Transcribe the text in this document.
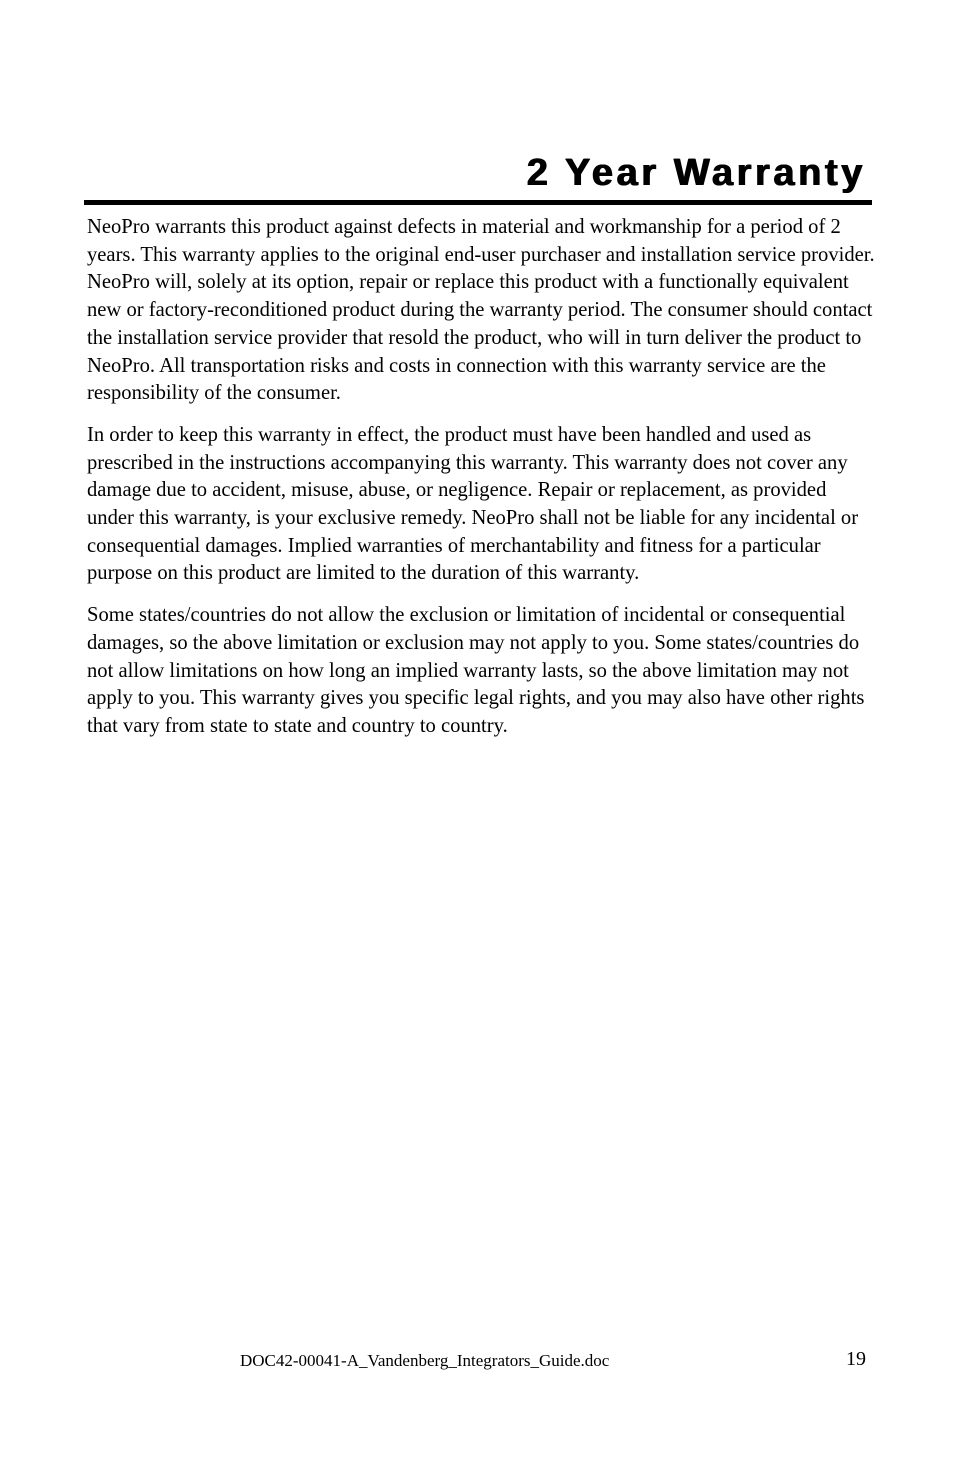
2 Year Warranty

NeoPro warrants this product against defects in material and workmanship for a period of 2 years. This warranty applies to the original end-user purchaser and installation service provider. NeoPro will, solely at its option, repair or replace this product with a functionally equivalent new or factory-reconditioned product during the warranty period. The consumer should contact the installation service provider that resold the product, who will in turn deliver the product to NeoPro. All transportation risks and costs in connection with this warranty service are the responsibility of the consumer.

In order to keep this warranty in effect, the product must have been handled and used as prescribed in the instructions accompanying this warranty. This warranty does not cover any damage due to accident, misuse, abuse, or negligence. Repair or replacement, as provided under this warranty, is your exclusive remedy. NeoPro shall not be liable for any incidental or consequential damages. Implied warranties of merchantability and fitness for a particular purpose on this product are limited to the duration of this warranty.

Some states/countries do not allow the exclusion or limitation of incidental or consequential damages, so the above limitation or exclusion may not apply to you. Some states/countries do not allow limitations on how long an implied warranty lasts, so the above limitation may not apply to you. This warranty gives you specific legal rights, and you may also have other rights that vary from state to state and country to country.

DOC42-00041-A_Vandenberg_Integrators_Guide.doc	19
